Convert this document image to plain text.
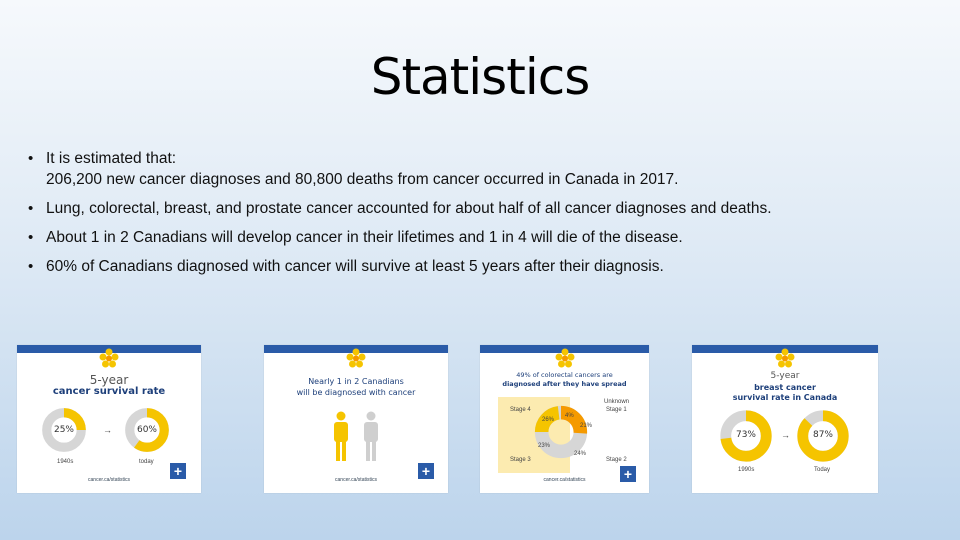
Statistics
• It is estimated that:
206,200 new cancer diagnoses and 80,800 deaths from cancer occurred in Canada in 2017.
• Lung, colorectal, breast, and prostate cancer accounted for about half of all cancer diagnoses and deaths.
• About 1 in 2 Canadians will develop cancer in their lifetimes and 1 in 4 will die of the disease.
• 60% of Canadians diagnosed with cancer will survive at least 5 years after their diagnosis.
5-year
cancer survival rate
25%	→	60%
1940s	today
+
cancer.ca/statistics
Nearly 1 in 2 Canadians
will be diagnosed with cancer
+
cancer.ca/statistics
49% of colorectal cancers are
diagnosed after they have spread
Stage 4	Stage 1
Unknown
Stage 3	Stage 2
26%
4%
21%
23%
24%
+
cancer.ca/statistics
5-year
breast cancer
survival rate in Canada
73%	→	87%
1990s	Today
